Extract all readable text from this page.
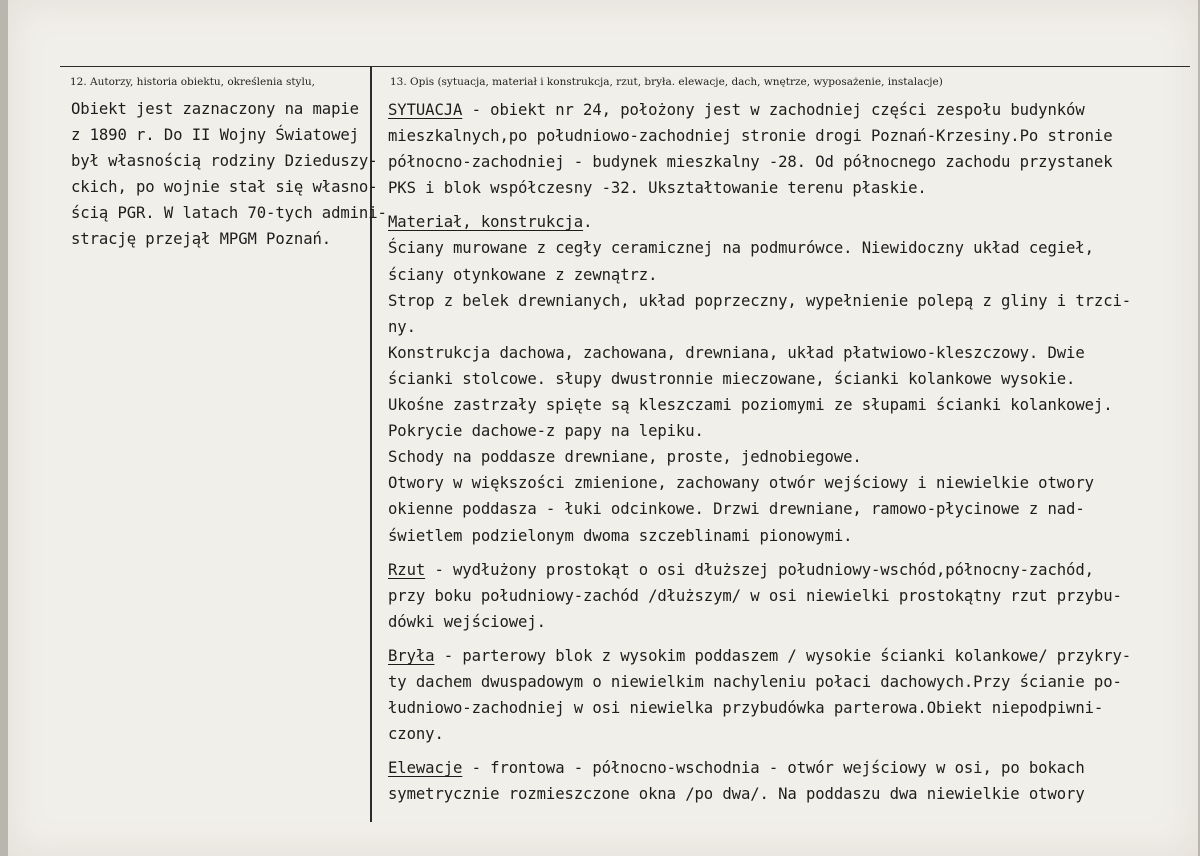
12. Autorzy, historia obiektu, określenia stylu,	13. Opis (sytuacja, materiał i konstrukcja, rzut, bryła. elewacje, dach, wnętrze, wyposażenie, instalacje)
Obiekt jest zaznaczony na mapie
z 1890 r. Do II Wojny Światowej
był własnością rodziny Dzieduszy-
ckich, po wojnie stał się własno-
ścią PGR. W latach 70-tych admini-
strację przejął MPGM Poznań.
SYTUACJA - obiekt nr 24, położony jest w zachodniej części zespołu budynków
mieszkalnych,po południowo-zachodniej stronie drogi Poznań-Krzesiny.Po stronie
północno-zachodniej - budynek mieszkalny -28. Od północnego zachodu przystanek
PKS i blok współczesny -32. Ukształtowanie terenu płaskie.
Materiał, konstrukcja.
Ściany murowane z cegły ceramicznej na podmurówce. Niewidoczny układ cegieł,
ściany otynkowane z zewnątrz.
Strop z belek drewnianych, układ poprzeczny, wypełnienie polepą z gliny i trzci-
ny.
Konstrukcja dachowa, zachowana, drewniana, układ płatwiowo-kleszczowy. Dwie
ścianki stolcowe. słupy dwustronnie mieczowane, ścianki kolankowe wysokie.
Ukośne zastrzały spięte są kleszczami poziomymi ze słupami ścianki kolankowej.
Pokrycie dachowe-z papy na lepiku.
Schody na poddasze drewniane, proste, jednobiegowe.
Otwory w większości zmienione, zachowany otwór wejściowy i niewielkie otwory
okienne poddasza - łuki odcinkowe. Drzwi drewniane, ramowo-płycinowe z nad-
świetlem podzielonym dwoma szczeblinami pionowymi.
Rzut - wydłużony prostokąt o osi dłuższej południowy-wschód,północny-zachód,
przy boku południowy-zachód /dłuższym/ w osi niewielki prostokątny rzut przybu-
dówki wejściowej.
Bryła - parterowy blok z wysokim poddaszem / wysokie ścianki kolankowe/ przykry-
ty dachem dwuspadowym o niewielkim nachyleniu połaci dachowych.Przy ścianie po-
łudniowo-zachodniej w osi niewielka przybudówka parterowa.Obiekt niepodpiwni-
czony.
Elewacje - frontowa - północno-wschodnia - otwór wejściowy w osi, po bokach
symetrycznie rozmieszczone okna /po dwa/. Na poddaszu dwa niewielkie otwory
